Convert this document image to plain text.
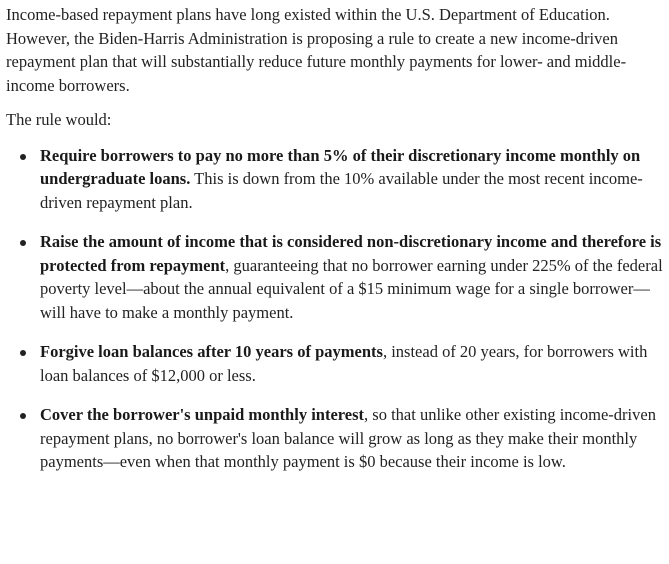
Income-based repayment plans have long existed within the U.S. Department of Education. However, the Biden-Harris Administration is proposing a rule to create a new income-driven repayment plan that will substantially reduce future monthly payments for lower- and middle-income borrowers.

The rule would:

Require borrowers to pay no more than 5% of their discretionary income monthly on undergraduate loans. This is down from the 10% available under the most recent income-driven repayment plan.
Raise the amount of income that is considered non-discretionary income and therefore is protected from repayment, guaranteeing that no borrower earning under 225% of the federal poverty level—about the annual equivalent of a $15 minimum wage for a single borrower—will have to make a monthly payment.
Forgive loan balances after 10 years of payments, instead of 20 years, for borrowers with loan balances of $12,000 or less.
Cover the borrower's unpaid monthly interest, so that unlike other existing income-driven repayment plans, no borrower's loan balance will grow as long as they make their monthly payments—even when that monthly payment is $0 because their income is low.
